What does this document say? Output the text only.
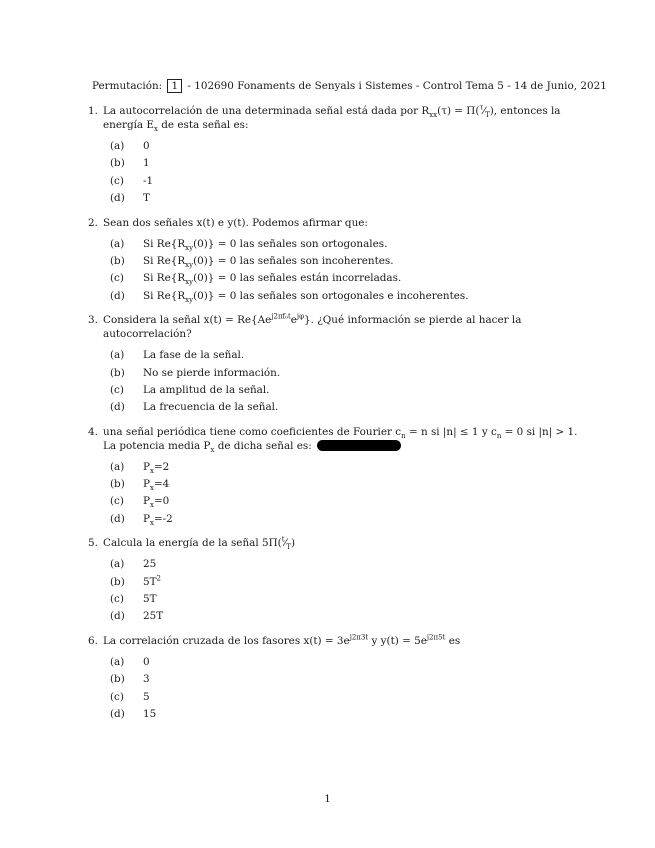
Permutación: 1 - 102690 Fonaments de Senyals i Sistemes - Control Tema 5 - 14 de Junio, 2021
1. La autocorrelación de una determinada señal está dada por $R_{xx}(\tau)$ = $\Pi(^\tau⁄_T)$, entonces la energía $E_x$ de esta señal es:
(a)	0
(b)	1
(c)	-1
(d)	T
2. Sean dos señales x(t) e y(t). Podemos afirmar que:
(a)	Si $Re\{R_{xy}(0)\} = 0$ las señales son ortogonales.
(b)	Si $Re\{R_{xy}(0)\} = 0$ las señales son incoherentes.
(c)	Si $Re\{R_{xy}(0)\} = 0$ las señales están incorreladas.
(d)	Si $Re\{R_{xy}(0)\} = 0$ las señales son ortogonales e incoherentes.
3. Considera la señal $x(t) = Re\{Ae^{j2\pi f_0t}e^{j\varphi}\}$. ¿Qué información se pierde al hacer la autocorrelación?
(a)	La fase de la señal.
(b)	No se pierde información.
(c)	La amplitud de la señal.
(d)	La frecuencia de la señal.
4. una señal periódica tiene como coeficientes de Fourier $c_n = n$ si |n| ≤ 1 y $c_n = 0$ si |n| > 1. La potencia media $P_x$ de dicha señal es:
(a)	$P_x=2$
(b)	$P_x=4$
(c)	$P_x=0$
(d)	$P_x=-2$
5. Calcula la energía de la señal $5\Pi(^t⁄_T)$
(a)	25
(b)	$5T^2$
(c)	5T
(d)	25T
6. La correlación cruzada de los fasores $x(t) = 3e^{j2\pi 3t}$ y $y(t) = 5e^{j2\pi 5t}$ es
(a)	0
(b)	3
(c)	5
(d)	15
1
